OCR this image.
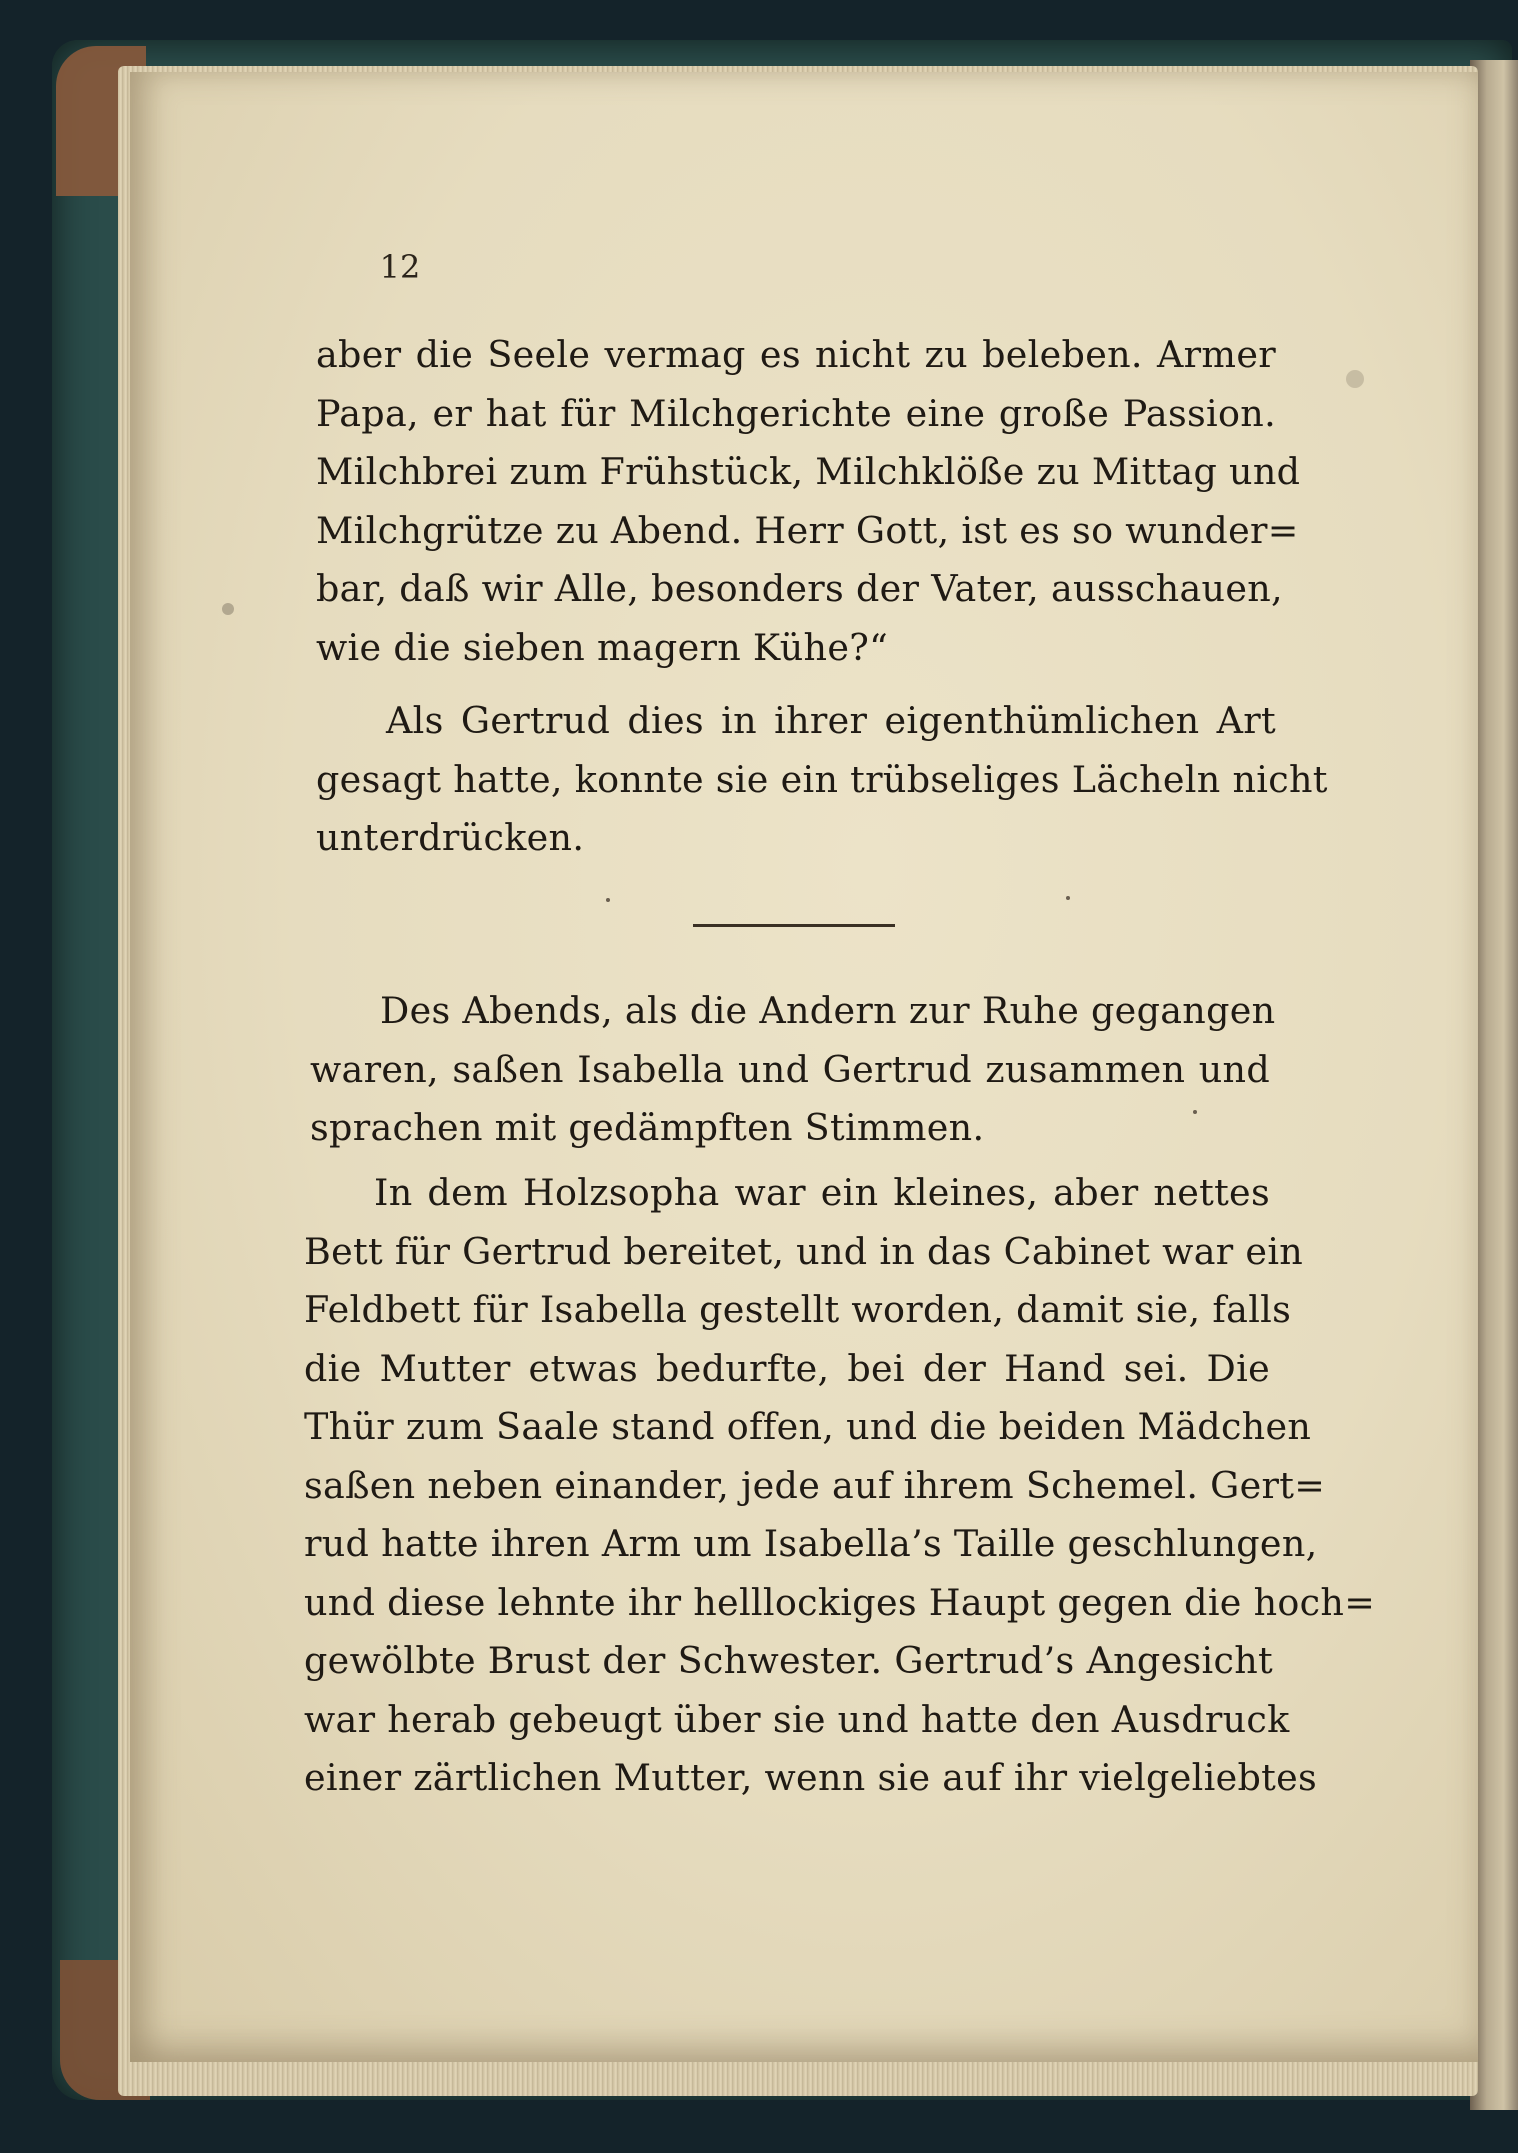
12
aber die Seele vermag es nicht zu beleben. Armer
Papa, er hat für Milchgerichte eine große Passion.
Milchbrei zum Frühstück, Milchklöße zu Mittag und
Milchgrütze zu Abend. Herr Gott, ist es so wunder=
bar, daß wir Alle, besonders der Vater, ausschauen,
wie die sieben magern Kühe?“
Als Gertrud dies in ihrer eigenthümlichen Art
gesagt hatte, konnte sie ein trübseliges Lächeln nicht
unterdrücken.
Des Abends, als die Andern zur Ruhe gegangen
waren, saßen Isabella und Gertrud zusammen und
sprachen mit gedämpften Stimmen.
In dem Holzsopha war ein kleines, aber nettes
Bett für Gertrud bereitet, und in das Cabinet war ein
Feldbett für Isabella gestellt worden, damit sie, falls
die Mutter etwas bedurfte, bei der Hand sei. Die
Thür zum Saale stand offen, und die beiden Mädchen
saßen neben einander, jede auf ihrem Schemel. Gert=
rud hatte ihren Arm um Isabella’s Taille geschlungen,
und diese lehnte ihr helllockiges Haupt gegen die hoch=
gewölbte Brust der Schwester. Gertrud’s Angesicht
war herab gebeugt über sie und hatte den Ausdruck
einer zärtlichen Mutter, wenn sie auf ihr vielgeliebtes
